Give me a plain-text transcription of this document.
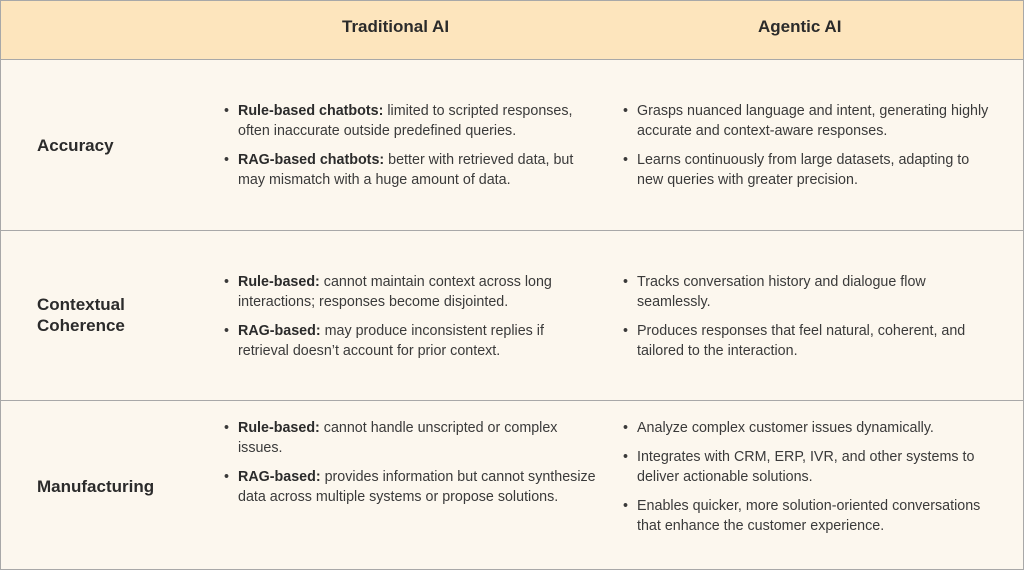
Traditional AI	Agentic AI
Accuracy
• Rule-based chatbots: limited to scripted responses, often inaccurate outside predefined queries.
• RAG-based chatbots: better with retrieved data, but may mismatch with a huge amount of data.
• Grasps nuanced language and intent, generating highly accurate and context-aware responses.
• Learns continuously from large datasets, adapting to new queries with greater precision.
Contextual Coherence
• Rule-based: cannot maintain context across long interactions; responses become disjointed.
• RAG-based: may produce inconsistent replies if retrieval doesn’t account for prior context.
• Tracks conversation history and dialogue flow seamlessly.
• Produces responses that feel natural, coherent, and tailored to the interaction.
Manufacturing
• Rule-based: cannot handle unscripted or complex issues.
• RAG-based: provides information but cannot synthesize data across multiple systems or propose solutions.
• Analyze complex customer issues dynamically.
• Integrates with CRM, ERP, IVR, and other systems to deliver actionable solutions.
• Enables quicker, more solution-oriented conversations that enhance the customer experience.
